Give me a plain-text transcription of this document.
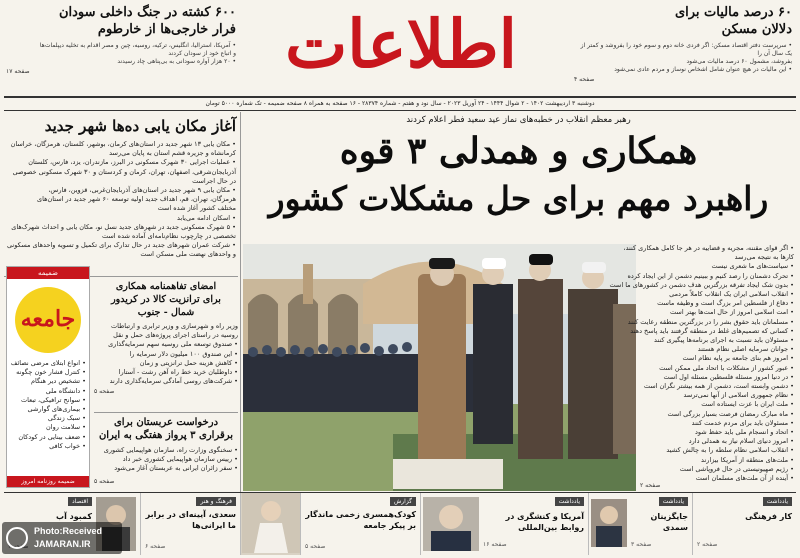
۶۰ درصد مالیات برای
دلالان مسکن
• سرپرست دفتر اقتصاد مسکن: اگر فردی خانه دوم و سوم خود را بفروشد و کمتر از یک سال آن را
بفروشد، مشمول ۶۰ درصد مالیات می‌شود
• این مالیات در هیچ عنوان شامل اشخاص نوساز و مردم عادی نمی‌شود
صفحه ۴
اطلاعات
۶۰۰ کشته در جنگ داخلی سودان
فرار خارجی‌ها از خارطوم
• آمریکا، استرالیا، انگلیس، ترکیه، روسیه، چین و مصر اقدام به تخلیه دیپلمات‌ها
و اتباع خود از سودان کردند
• ۲۰ هزار آواره سودانی به بی‌پناهی چاد رسیدند
صفحه ۱۷
دوشنبه ۳ اردیبهشت ۱۴۰۲ - ۲ شوال ۱۴۴۴ - ۲۴ آوریل ۲۰۲۳ - سال نود و هفتم - شماره ۲۸۳۷۴ - ۱۶ صفحه به همراه ۸ صفحه ضمیمه - تک شماره ۵۰۰۰ تومان
رهبر معظم انقلاب در خطبه‌های نماز عید سعید فطر اعلام کردند
همکاری و همدلی ۳ قوه
راهبرد مهم برای حل مشکلات کشور
• اگر قوای مقننه، مجریه و قضاییه در هر جا کامل همکاری کنند،
کارها به نتیجه می‌رسد
• سیاست‌های ما شعری نیست
• تحرک دشمنان را رصد کنیم و ببینیم دشمن از این ایجاد کرده
• بدون شک ایجاد تفرقه بزرگترین هدف دشمن در کشورهای ما است
• انقلاب اسلامی ایران یک انقلاب کاملاً مردمی
• دفاع از فلسطین امر بزرگ است و وظیفه ماست
• امت اسلامی امروز از حال امت‌ها بهتر است
• مسلمانان باید حقوق بشر را در بزرگترین منطقه رعایت کنند
• کسانی که تصمیم‌های غلط در منطقه گرفتند باید پاسخ دهند
• مسئولان باید نسبت به اجرای برنامه‌ها پیگیری کنند
• جوانان سرمایه اصلی نظام هستند
• امروز هم بنای جامعه بر پایه نظام است
• عبور کشور از مشکلات با اتحاد ملی ممکن است
• در دنیا امروز مسئله فلسطین مسئله اول است
• دشمن وابسته است، دشمن از همه بیشتر نگران است
• نظام جمهوری اسلامی از آنها نمی‌ترسد
• ملت ایران با عزت ایستاده است
• ماه مبارک رمضان فرصت بسیار بزرگی است
• مسئولان باید برای مردم خدمت کنند
• اتحاد و انسجام ملی باید حفظ شود
• امروز دنیای اسلام نیاز به همدلی دارد
• انقلاب اسلامی نظام سلطه را به چالش کشید
• ملت‌های منطقه از آمریکا بیزارند
• رژیم صهیونیستی در حال فروپاشی است
• آینده از آن ملت‌های مسلمان است
صفحه ۲
آغاز مکان یابی ده‌ها شهر جدید
• مکان یابی ۱۳ شهر جدید در استان‌های کرمان، بوشهر، کلستان، هرمزگان، خراسان
کرمانشاه و جزیره قشم استان به پایان می‌رسد
• عملیات اجرایی ۳۰ شهرک مسکونی در البرز، مازندران، یزد، فارس، کلستان
آذربایجان‌شرقی، اصفهان، تهران، کرمان و کردستان و ۳۰ شهرک مسکونی خصوصی
در حال اجراست
• مکان یابی ۹ شهر جدید در استان‌های آذربایجان‌غربی، قزوین، فارس،
هرمزگان، تهران، قم، اهداف جدید اولیه توسعه ۶۰ شهر جدید در استان‌های
مختلف کشور آغاز شده است
• اسکان ادامه می‌یابد
• ۵ شهرک مسکونی جدید در شهرهای جدید نسل نو، مکان یابی و احداث شهرک‌های
تخصصی در چارچوب نظام‌نامه‌ای آماده شده است
• شرکت عمران شهرهای جدید در حال تدارک برای تکمیل و تسویه واحدهای مسکونی
و واحدهای نهضت ملی مسکن است
ضمیمه
جامعه
• انواع ابتلای مرضی نصائف
• کنترل فشار خون چگونه
• تشخیص دیر هنگام
• دانشگاه ملی
• سوانح ترافیکی، تبعات
• بیماری‌های گوارشی
• سبک زندگی
• سلامت روان
• ضعف بینایی در کودکان
• خواب کافی
ضمیمه روزنامه امروز
امضای تفاهمنامه همکاری
برای ترانزیت کالا در کریدور
شمال - جنوب
وزیر راه و شهرسازی و وزیر ترابری و ارتباطات
روسیه در راستای اجرای پروژه‌های حمل و نقل
• صندوق توسعه ملی روسیه سهم سرمایه‌گذاری
• این صندوق ۱۰۰ میلیون دلار سرمایه را
• کاهش هزینه حمل ترانزیتی و زمان
• داوطلبان خرید خط راه آهن رشت - آستارا
• شرکت‌های روسی آمادگی سرمایه‌گذاری دارند
صفحه ۵
درخواست عربستان برای
برقراری ۳ پرواز هفتگی به ایران
• سخنگوی وزارت راه، سازمان هواپیمایی کشوری
• رییس سازمان هواپیمایی کشوری خبر داد
• سفر زائران ایرانی به عربستان آغاز می‌شود
صفحه ۵
یادداشت
کار فرهنگی
صفحه ۲
یادداشت
جایگزینان سمدی
صفحه ۳
یادداشت
آمریکا و کنشگری در روابط بین‌المللی
صفحه ۱۶
گزارش
کودک‌همسری زخمی ماندگار بر پیکر جامعه
صفحه ۵
فرهنگ و هنر
سعدی، آیینه‌ای در برابر ما ایرانی‌ها
صفحه ۶
اقتصاد
کمبود آب
Photo:Received
JAMARAN.IR
